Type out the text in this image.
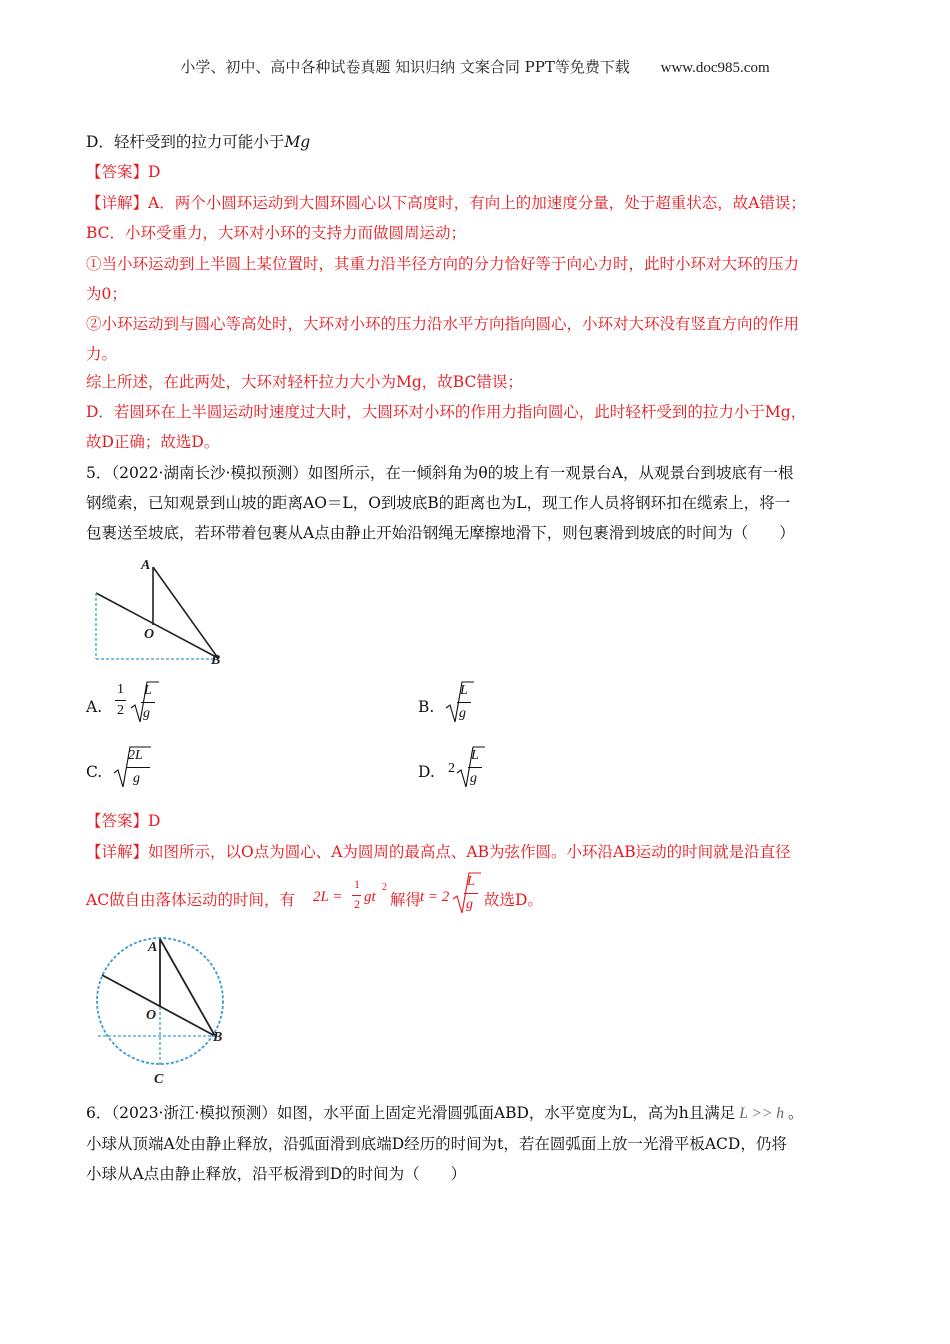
小学、初中、高中各种试卷真题 知识归纳 文案合同 PPT等免费下载 www.doc985.com
D．轻杆受到的拉力可能小于Mg
【答案】D
【详解】A．两个小圆环运动到大圆环圆心以下高度时，有向上的加速度分量，处于超重状态，故A错误；
BC．小环受重力，大环对小环的支持力而做圆周运动；
①当小环运动到上半圆上某位置时，其重力沿半径方向的分力恰好等于向心力时，此时小环对大环的压力
为0；
②小环运动到与圆心等高处时，大环对小环的压力沿水平方向指向圆心，小环对大环没有竖直方向的作用
力。
综上所述，在此两处，大环对轻杆拉力大小为Mg，故BC错误；
D．若圆环在上半圆运动时速度过大时，大圆环对小环的作用力指向圆心，此时轻杆受到的拉力小于Mg，
故D正确；故选D。
5．（2022·湖南长沙·模拟预测）如图所示，在一倾斜角为θ的坡上有一观景台A，从观景台到坡底有一根
钢缆索，已知观景到山坡的距离AO＝L，O到坡底B的距离也为L，现工作人员将钢环扣在缆索上，将一
包裹送至坡底，若环带着包裹从A点由静止开始沿钢绳无摩擦地滑下，则包裹滑到坡底的时间为（　　）
A
O
B
A.
1
2
L
g	B.
L
g
C.
2L
g	D. 2
L
g
【答案】D
【详解】如图所示，以O点为圆心、A为圆周的最高点、AB为弦作圆。小环沿AB运动的时间就是沿直径
AC做自由落体运动的时间，有 2L =
1
2 gt
2
解得
t = 2
L
g 故选D。
A
O
B
C
6．（2023·浙江·模拟预测）如图，水平面上固定光滑圆弧面ABD，水平宽度为L，高为h且满足 L >> h 。
小球从顶端A处由静止释放，沿弧面滑到底端D经历的时间为t，若在圆弧面上放一光滑平板ACD，仍将
小球从A点由静止释放，沿平板滑到D的时间为（　　）
